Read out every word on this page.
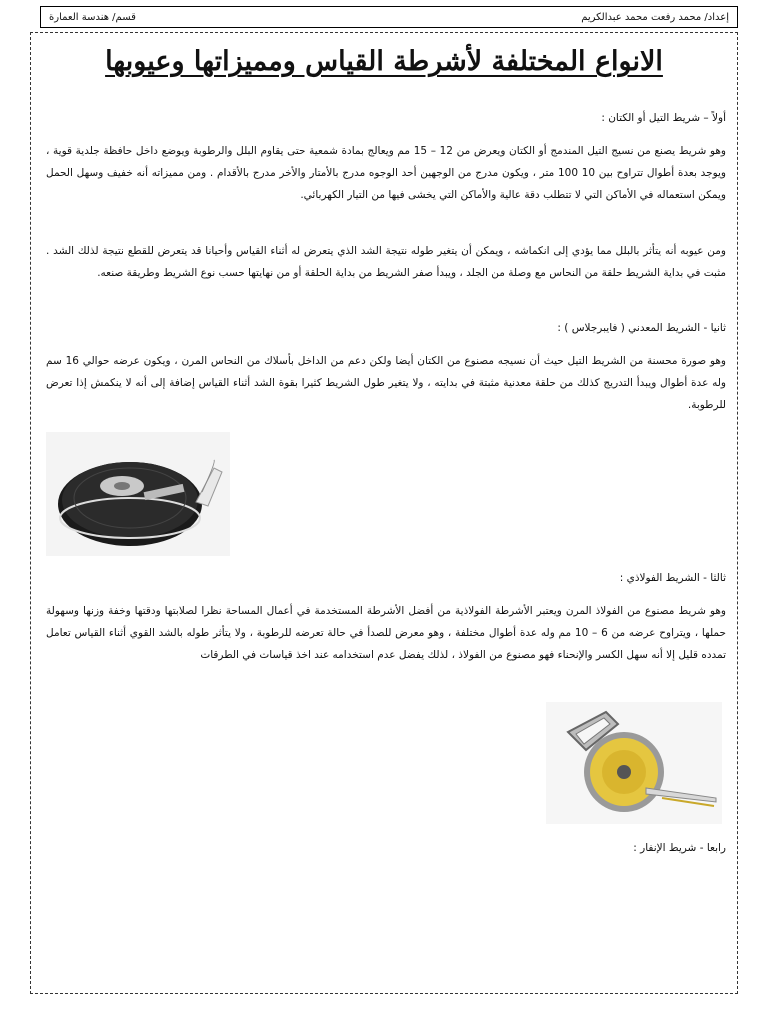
إعداد/ محمد رفعت محمد عبدالكريم
قسم/ هندسة العمارة
الانواع المختلفة لأشرطة القياس ومميزاتها وعيوبها
أولاً – شريط التيل أو الكتان :
وهو شريط يصنع من نسيج التيل المندمج أو الكتان ويعرض من 12 – 15 مم ويعالج بمادة شمعية حتى يقاوم البلل والرطوبة ويوضع داخل حافظة جلدية قوية ، ويوجد بعدة أطوال تتراوح بين 10 100 متر ، ويكون مدرج من الوجهين أحد الوجوه مدرج بالأمتار والأخر مدرج بالأقدام . ومن مميزاته أنه خفيف وسهل الحمل ويمكن استعماله في الأماكن التي لا تتطلب دقة عالية والأماكن التي يخشى فيها من التيار الكهربائي.
ومن عيوبه أنه يتأثر بالبلل مما يؤدي إلى انكماشه ، ويمكن أن يتغير طوله نتيجة الشد الذي يتعرض له أثناء القياس وأحيانا قد يتعرض للقطع نتيجة لذلك الشد . مثبت في بداية الشريط حلقة من النحاس مع وصلة من الجلد ، ويبدأ صفر الشريط من بداية الحلقة أو من نهايتها حسب نوع الشريط وطريقة صنعه.
ثانيا - الشريط المعدني ( فايبرجلاس ) :
وهو صورة محسنة من الشريط التيل حيث أن نسيجه مصنوع من الكتان أيضا ولكن دعم من الداخل بأسلاك من النحاس المرن ، ويكون عرضه حوالي 16 سم وله عدة أطوال ويبدأ التدريج كذلك من حلقة معدنية مثبتة في بدايته ، ولا يتغير طول الشريط كثيرا بقوة الشد أثناء القياس إضافة إلى أنه لا ينكمش إذا تعرض للرطوبة.
ثالثا - الشريط الفولاذي :
وهو شريط مصنوع من الفولاذ المرن ويعتبر الأشرطة الفولاذية من أفضل الأشرطة المستخدمة في أعمال المساحة نظرا لصلابتها ودقتها وخفة وزنها وسهولة حملها ، ويتراوح عرضه من 6 – 10 مم وله عدة أطوال مختلفة ، وهو معرض للصدأ في حالة تعرضه للرطوبة ، ولا يتأثر طوله بالشد القوي أثناء القياس تعامل تمدده قليل إلا أنه سهل الكسر والإنحناء فهو مصنوع من الفولاذ ، لذلك يفضل عدم استخدامه عند اخذ قياسات في الطرقات
رابعا - شريط الإنفار :
